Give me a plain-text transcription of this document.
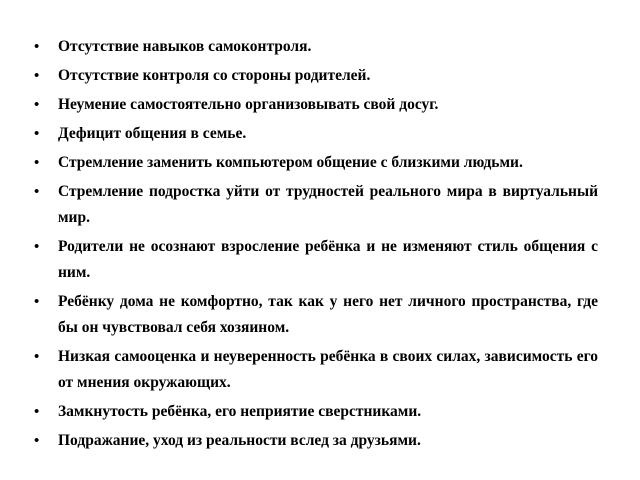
• Отсутствие навыков самоконтроля.
• Отсутствие контроля со стороны родителей.
• Неумение самостоятельно организовывать свой досуг.
• Дефицит общения в семье.
• Стремление заменить компьютером общение с близкими людьми.
• Стремление подростка уйти от трудностей реального мира в виртуальный мир.
• Родители не осознают взросление ребёнка и не изменяют стиль общения с ним.
• Ребёнку дома не комфортно, так как у него нет личного пространства, где бы он чувствовал себя хозяином.
• Низкая самооценка и неуверенность ребёнка в своих силах, зависимость его от мнения окружающих.
• Замкнутость ребёнка, его неприятие сверстниками.
• Подражание, уход из реальности вслед за друзьями.
